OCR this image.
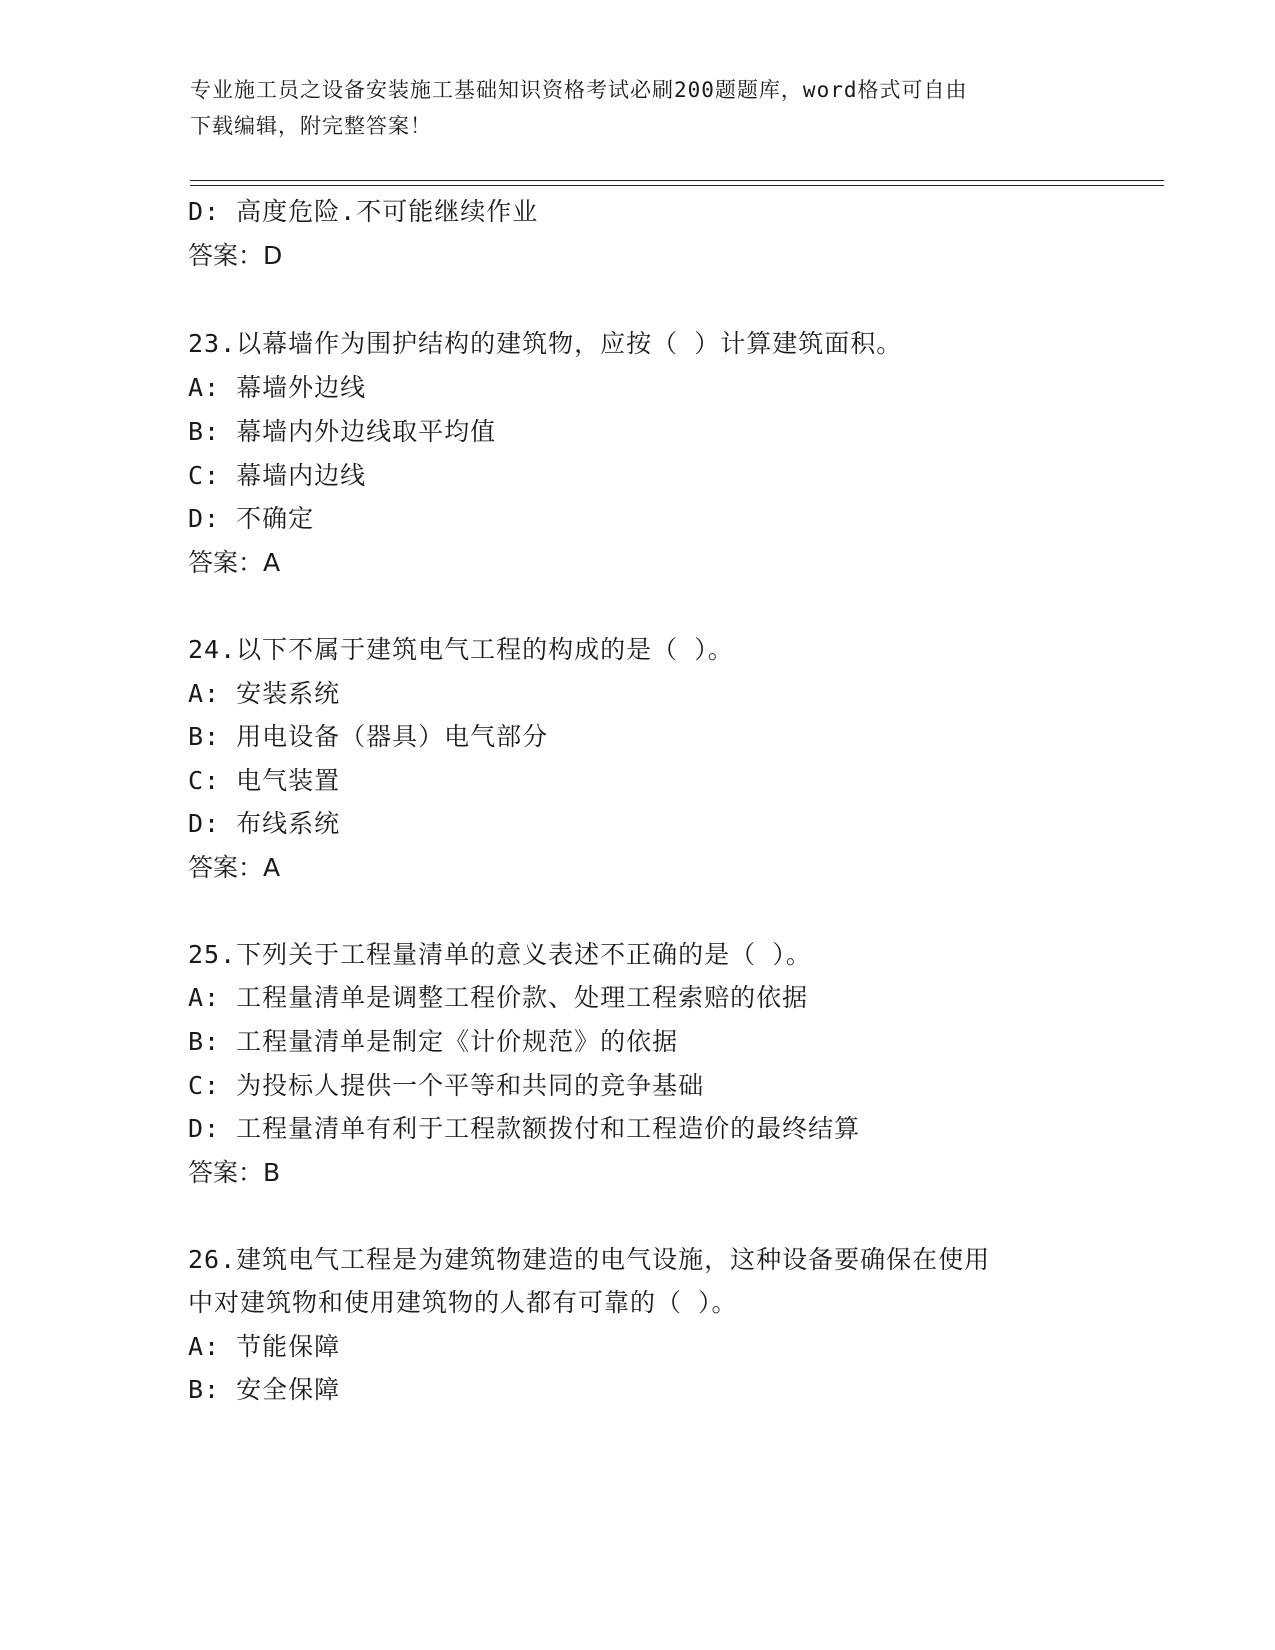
专业施工员之设备安装施工基础知识资格考试必刷200题题库，word格式可自由
下载编辑，附完整答案！
D: 高度危险.不可能继续作业
答案：D
23.以幕墙作为围护结构的建筑物，应按（ ）计算建筑面积。
A: 幕墙外边线
B: 幕墙内外边线取平均值
C: 幕墙内边线
D: 不确定
答案：A
24.以下不属于建筑电气工程的构成的是（ ）。
A: 安装系统
B: 用电设备（器具）电气部分
C: 电气装置
D: 布线系统
答案：A
25.下列关于工程量清单的意义表述不正确的是（ ）。
A: 工程量清单是调整工程价款、处理工程索赔的依据
B: 工程量清单是制定《计价规范》的依据
C: 为投标人提供一个平等和共同的竞争基础
D: 工程量清单有利于工程款额拨付和工程造价的最终结算
答案：B
26.建筑电气工程是为建筑物建造的电气设施，这种设备要确保在使用
中对建筑物和使用建筑物的人都有可靠的（ ）。
A: 节能保障
B: 安全保障
